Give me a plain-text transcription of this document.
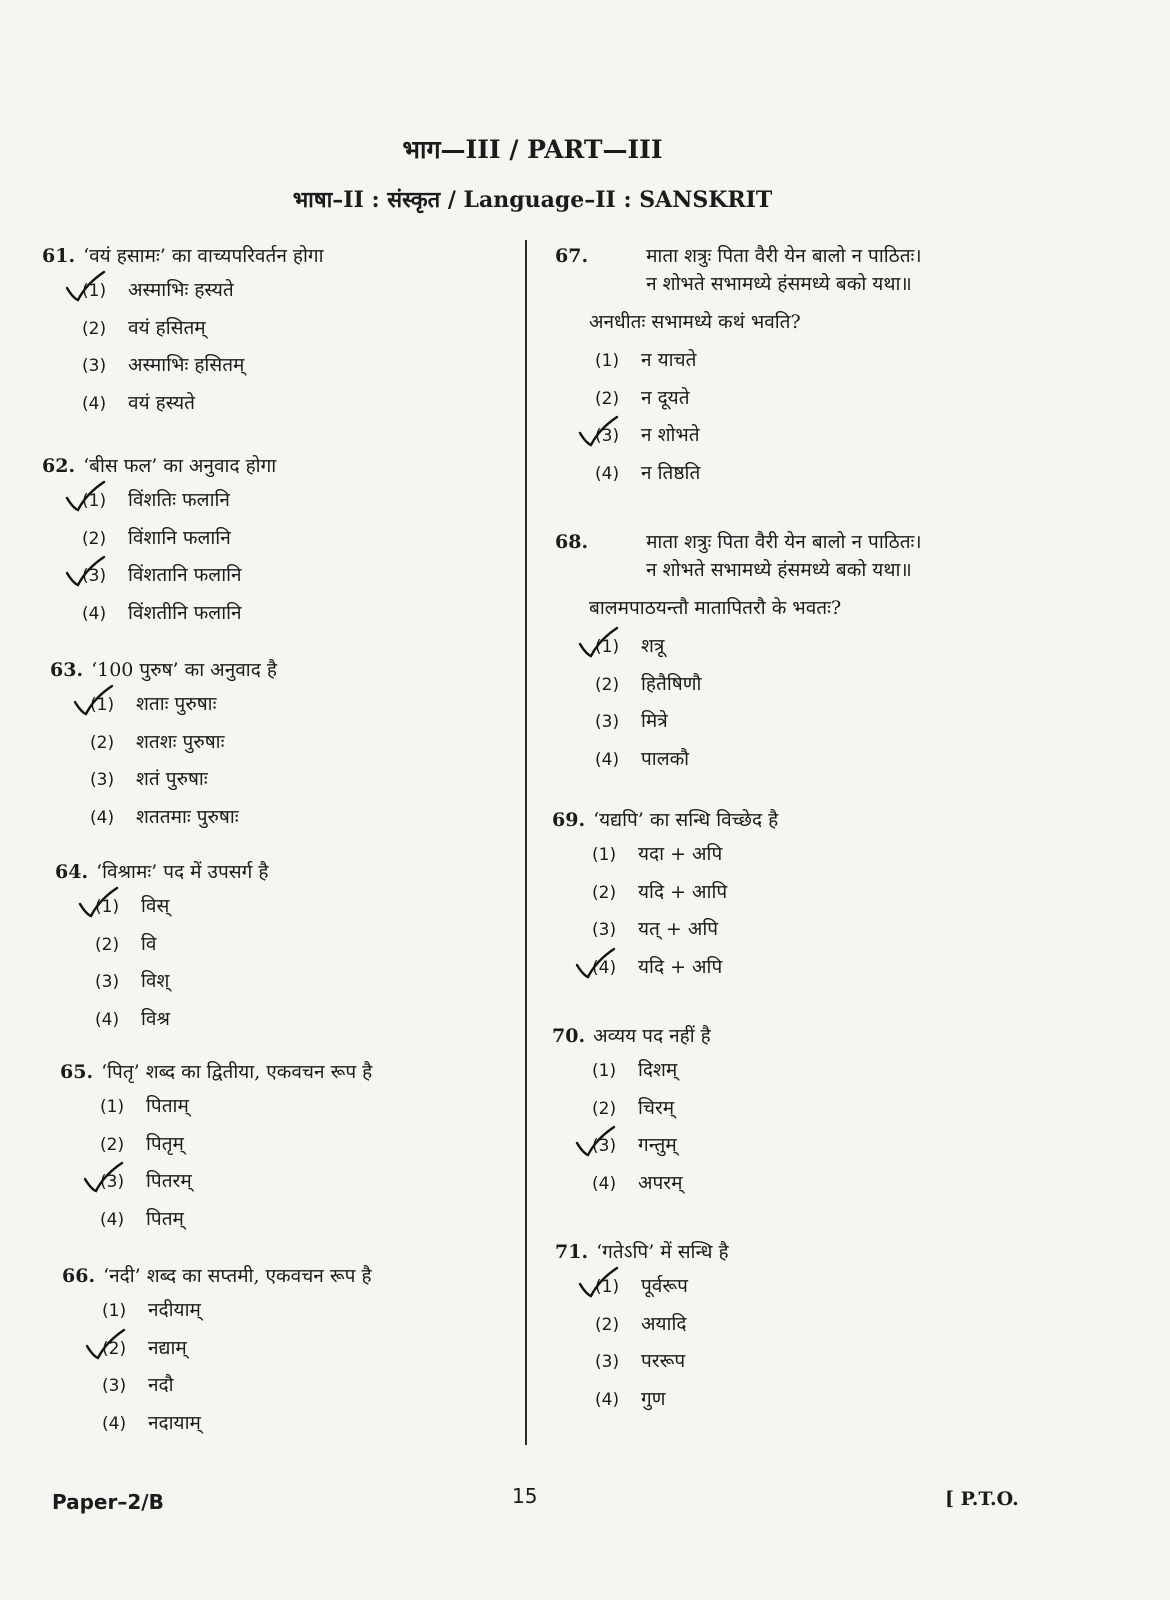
भाग—III / PART—III
भाषा–II : संस्कृत / Language–II : SANSKRIT
61. ‘वयं हसामः’ का वाच्यपरिवर्तन होगा
(1)	अस्माभिः हस्यते
(2)	वयं हसितम्
(3)	अस्माभिः हसितम्
(4)	वयं हस्यते
62. ‘बीस फल’ का अनुवाद होगा
(1)	विंशतिः फलानि
(2)	विंशानि फलानि
(3)	विंशतानि फलानि
(4)	विंशतीनि फलानि
63. ‘100 पुरुष’ का अनुवाद है
(1)	शताः पुरुषाः
(2)	शतशः पुरुषाः
(3)	शतं पुरुषाः
(4)	शततमाः पुरुषाः
64. ‘विश्रामः’ पद में उपसर्ग है
(1)	विस्
(2)	वि
(3)	विश्
(4)	विश्र
65. ‘पितृ’ शब्द का द्वितीया, एकवचन रूप है
(1)	पिताम्
(2)	पितृम्
(3)	पितरम्
(4)	पितम्
66. ‘नदी’ शब्द का सप्तमी, एकवचन रूप है
(1)	नदीयाम्
(2)	नद्याम्
(3)	नदौ
(4)	नदायाम्
67.	माता शत्रुः पिता वैरी येन बालो न पाठितः।
न शोभते सभामध्ये हंसमध्ये बको यथा॥
अनधीतः सभामध्ये कथं भवति?
(1)	न याचते
(2)	न दूयते
(3)	न शोभते
(4)	न तिष्ठति
68.	माता शत्रुः पिता वैरी येन बालो न पाठितः।
न शोभते सभामध्ये हंसमध्ये बको यथा॥
बालमपाठयन्तौ मातापितरौ के भवतः?
(1)	शत्रू
(2)	हितैषिणौ
(3)	मित्रे
(4)	पालकौ
69. ‘यद्यपि’ का सन्धि विच्छेद है
(1)	यदा + अपि
(2)	यदि + आपि
(3)	यत् + अपि
(4)	यदि + अपि
70. अव्यय पद नहीं है
(1)	दिशम्
(2)	चिरम्
(3)	गन्तुम्
(4)	अपरम्
71. ‘गतेऽपि’ में सन्धि है
(1)	पूर्वरूप
(2)	अयादि
(3)	पररूप
(4)	गुण
Paper–2/B	15	[ P.T.O.
